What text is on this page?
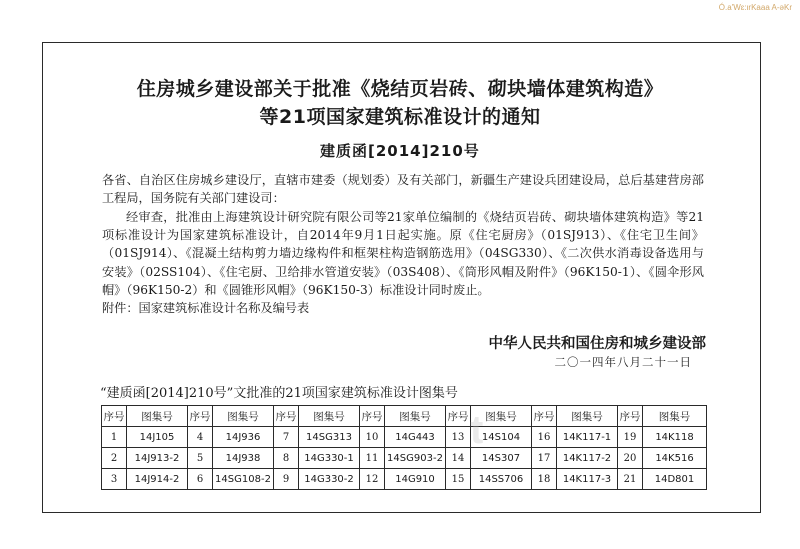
Ó.a'Wɛ:ιrKaaa A-əKr
住房城乡建设部关于批准《烧结页岩砖、砌块墙体建筑构造》
等21项国家建筑标准设计的通知
建质函[2014]210号
各省、自治区住房城乡建设厅，直辖市建委（规划委）及有关部门，新疆生产建设兵团建设局，总后基建营房部工程局，国务院有关部门建设司：
经审查，批准由上海建筑设计研究院有限公司等21家单位编制的《烧结页岩砖、砌块墙体建筑构造》等21项标准设计为国家建筑标准设计，自2014年9月1日起实施。原《住宅厨房》（01SJ913）、《住宅卫生间》（01SJ914）、《混凝土结构剪力墙边缘构件和框架柱构造钢筋选用》（04SG330）、《二次供水消毒设备选用与安装》（02SS104）、《住宅厨、卫给排水管道安装》（03S408）、《筒形风帽及附件》（96K150-1）、《圆伞形风帽》（96K150-2）和《圆锥形风帽》（96K150-3）标准设计同时废止。
附件：国家建筑标准设计名称及编号表
中华人民共和国住房和城乡建设部
二〇一四年八月二十一日
“建质函[2014]210号”文批准的21项国家建筑标准设计图集号
序号	图集号	序号	图集号	序号	图集号	序号	图集号	序号	图集号	序号	图集号	序号	图集号
1	14J105	4	14J936	7	14SG313	10	14G443	13	14S104	16	14K117-1	19	14K118
2	14J913-2	5	14J938	8	14G330-1	11	14SG903-2	14	14S307	17	14K117-2	20	14K516
3	14J914-2	6	14SG108-2	9	14G330-2	12	14G910	15	14SS706	18	14K117-3	21	14D801
t
